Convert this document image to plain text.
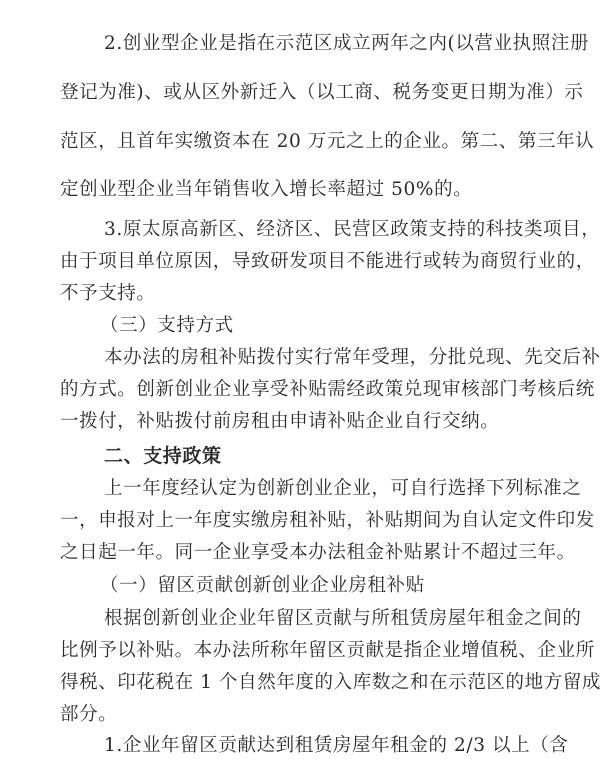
2.创业型企业是指在示范区成立两年之内(以营业执照注册
登记为准)、或从区外新迁入（以工商、税务变更日期为准）示
范区，且首年实缴资本在 20 万元之上的企业。第二、第三年认
定创业型企业当年销售收入增长率超过 50%的。
3.原太原高新区、经济区、民营区政策支持的科技类项目，
由于项目单位原因，导致研发项目不能进行或转为商贸行业的，
不予支持。
（三）支持方式
本办法的房租补贴拨付实行常年受理，分批兑现、先交后补
的方式。创新创业企业享受补贴需经政策兑现审核部门考核后统
一拨付，补贴拨付前房租由申请补贴企业自行交纳。
二、支持政策
上一年度经认定为创新创业企业，可自行选择下列标准之
一，申报对上一年度实缴房租补贴，补贴期间为自认定文件印发
之日起一年。同一企业享受本办法租金补贴累计不超过三年。
（一）留区贡献创新创业企业房租补贴
根据创新创业企业年留区贡献与所租赁房屋年租金之间的
比例予以补贴。本办法所称年留区贡献是指企业增值税、企业所
得税、印花税在 1 个自然年度的入库数之和在示范区的地方留成
部分。
1.企业年留区贡献达到租赁房屋年租金的 2/3 以上（含
